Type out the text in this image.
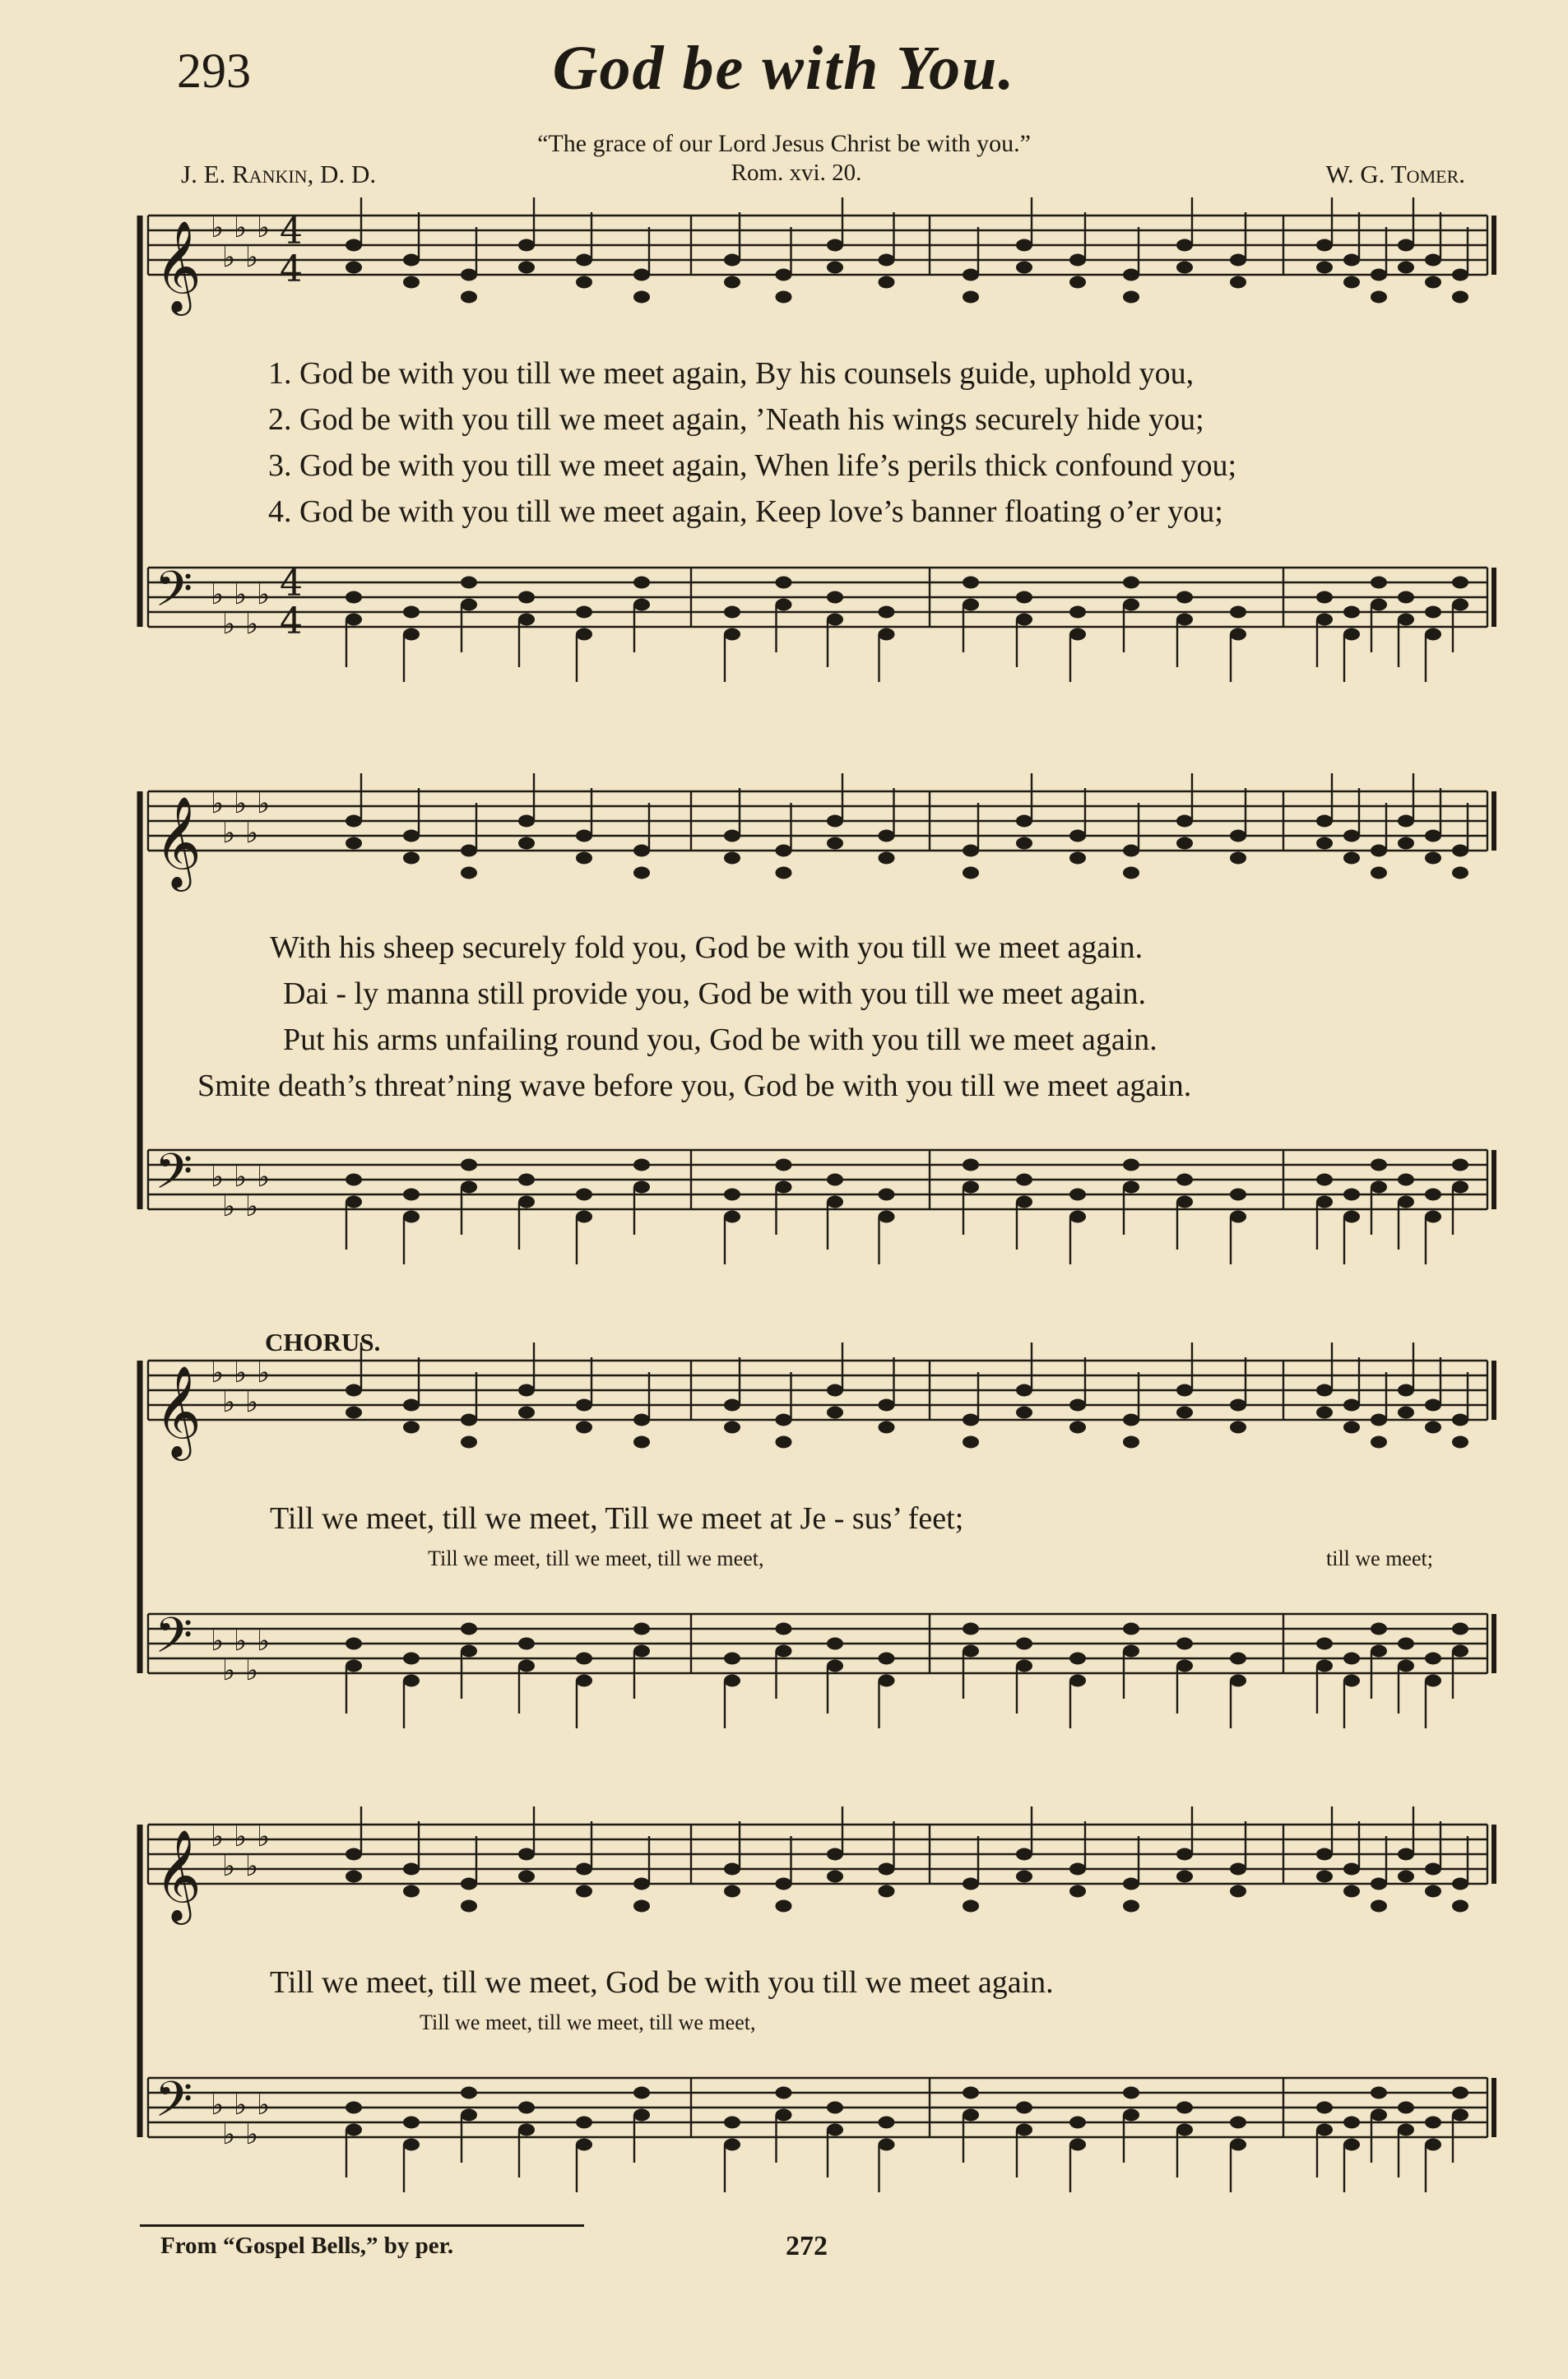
293	God be with You.
“The grace of our Lord Jesus Christ be with you.”
J. E. Rankin, D. D.	Rom. xvi. 20.	W. G. Tomer.
𝄞
𝄢
♭
♭
♭
♭
♭
♭
♭
♭
♭
♭
4
4
4
4
𝄞
𝄢
♭
♭
♭
♭
♭
♭
♭
♭
♭
♭
𝄞
𝄢
♭
♭
♭
♭
♭
♭
♭
♭
♭
♭
𝄞
𝄢
♭
♭
♭
♭
♭
♭
♭
♭
♭
♭
1. God be with you till we meet again, By his counsels guide, uphold you,
2. God be with you till we meet again, ’Neath his wings securely hide you;
3. God be with you till we meet again, When life’s perils thick confound you;
4. God be with you till we meet again, Keep love’s banner floating o’er you;
With his sheep securely fold you, God be with you till we meet again.
Dai - ly manna still provide you, God be with you till we meet again.
Put his arms unfailing round you, God be with you till we meet again.
Smite death’s threat’ning wave before you, God be with you till we meet again.
CHORUS.
Till we meet, till we meet, Till we meet at Je - sus’ feet;
Till we meet, till we meet, till we meet,	till we meet;
Till we meet, till we meet, God be with you till we meet again.
Till we meet, till we meet, till we meet,
From “Gospel Bells,” by per.	272
